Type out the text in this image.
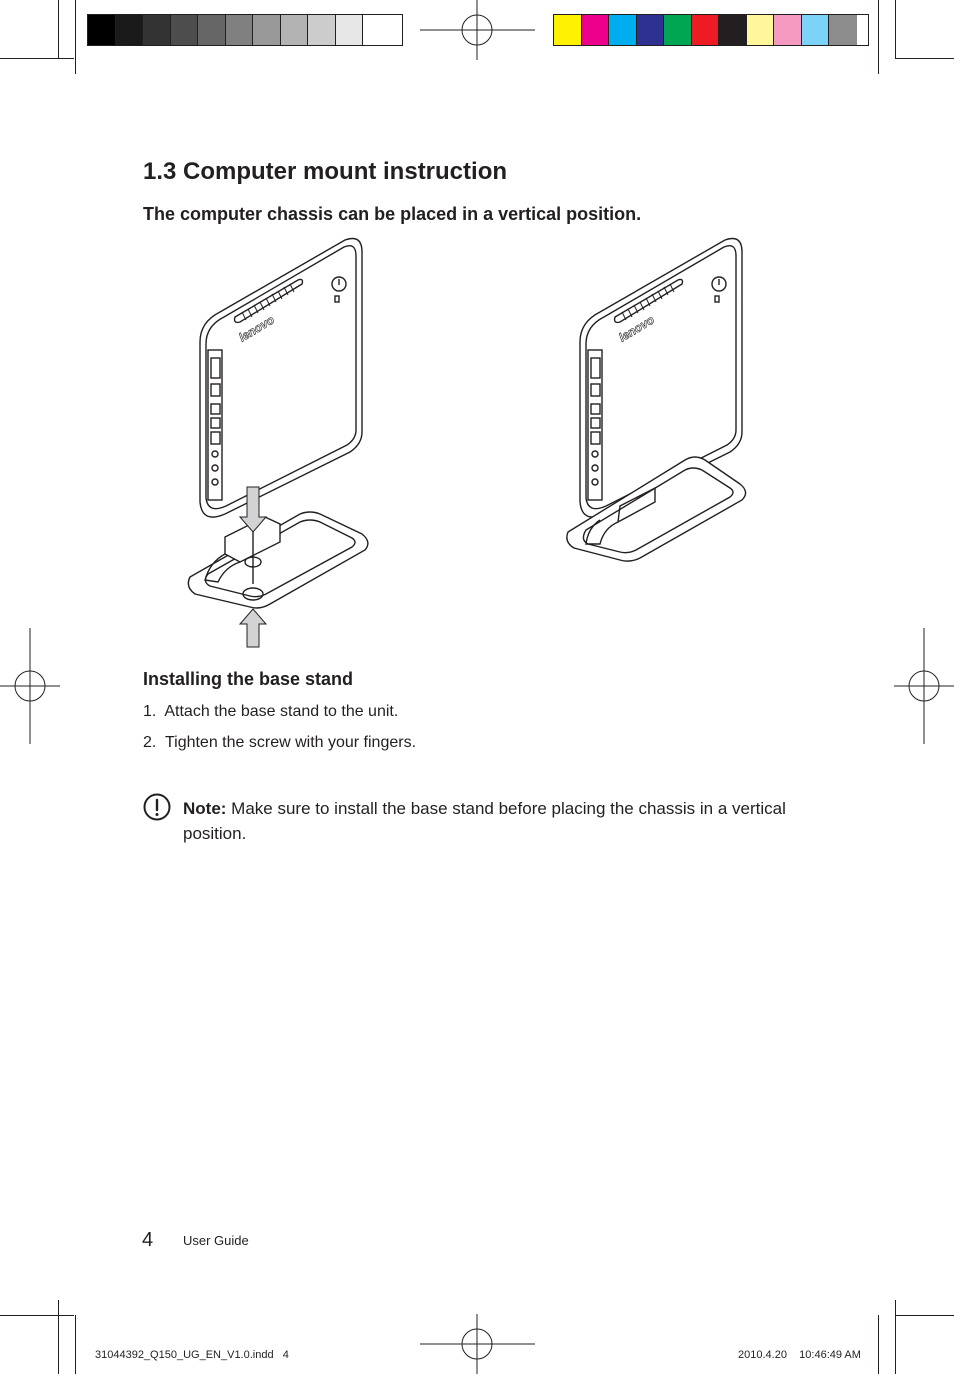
1.3 Computer mount instruction
The computer chassis can be placed in a vertical position.
lenovo	lenovo
Installing the base stand
1. Attach the base stand to the unit.
2. Tighten the screw with your fingers.
Note: Make sure to install the base stand before placing the chassis in a vertical position.
4 User Guide
31044392_Q150_UG_EN_V1.0.indd   4	2010.4.20    10:46:49 AM
